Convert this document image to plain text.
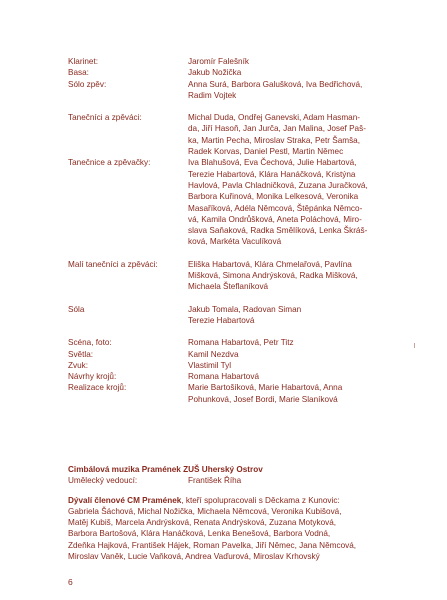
Klarinet:	Jaromír Falešník
Basa:	Jakub Nožička
Sólo zpěv:	Anna Surá, Barbora Galušková, Iva Bedřichová,
Radim Vojtek
Tanečníci a zpěváci:	Michal Duda, Ondřej Ganevski, Adam Hasman-
da, Jiří Hasoň, Jan Jurča, Jan Malina, Josef Paš-
ka, Martin Pecha, Miroslav Straka, Petr Šamša,
Radek Korvas, Daniel Pestl, Martin Němec
Tanečnice a zpěvačky:	Iva Blahušová, Eva Čechová, Julie Habartová,
Terezie Habartová, Klára Hanáčková, Kristýna
Havlová, Pavla Chladničková, Zuzana Juračková,
Barbora Kuřinová, Monika Lelkesová, Veronika
Masaříková, Adéla Němcová, Štěpánka Němco-
vá, Kamila Ondrůšková, Aneta Poláchová, Miro-
slava Saňaková, Radka Smělíková, Lenka Škráš-
ková, Markéta Vaculíková
Malí tanečníci a zpěváci:	Eliška Habartová, Klára Chmelařová, Pavlína
Mišková, Simona Andrýsková, Radka Mišková,
Michaela Šteflaníková
Sóla	Jakub Tomala, Radovan Siman
Terezie Habartová
Scéna, foto:	Romana Habartová, Petr Titz
Světla:	Kamil Nezdva
Zvuk:	Vlastimil Tyl
Návrhy krojů:	Romana Habartová
Realizace krojů:	Marie Bartošíková, Marie Habartová, Anna
Pohunková, Josef Bordi, Marie Slaníková
Cimbálová muzika Pramének ZUŠ Uherský Ostrov
Umělecký vedoucí:	František Říha
Dývalí členové CM Pramének, kteří spolupracovali s Děckama z Kunovic:
Gabriela Šáchová, Michal Nožička, Michaela Němcová, Veronika Kubišová,
Matěj Kubiš, Marcela Andrýsková, Renata Andrýsková, Zuzana Motyková,
Barbora Bartošová, Klára Hanáčková, Lenka Benešová, Barbora Vodná,
Zdeňka Hajková, František Hájek, Roman Pavelka, Jiří Němec, Jana Němcová,
Miroslav Vaněk, Lucie Vaňková, Andrea Vaďurová, Miroslav Krhovský
6
